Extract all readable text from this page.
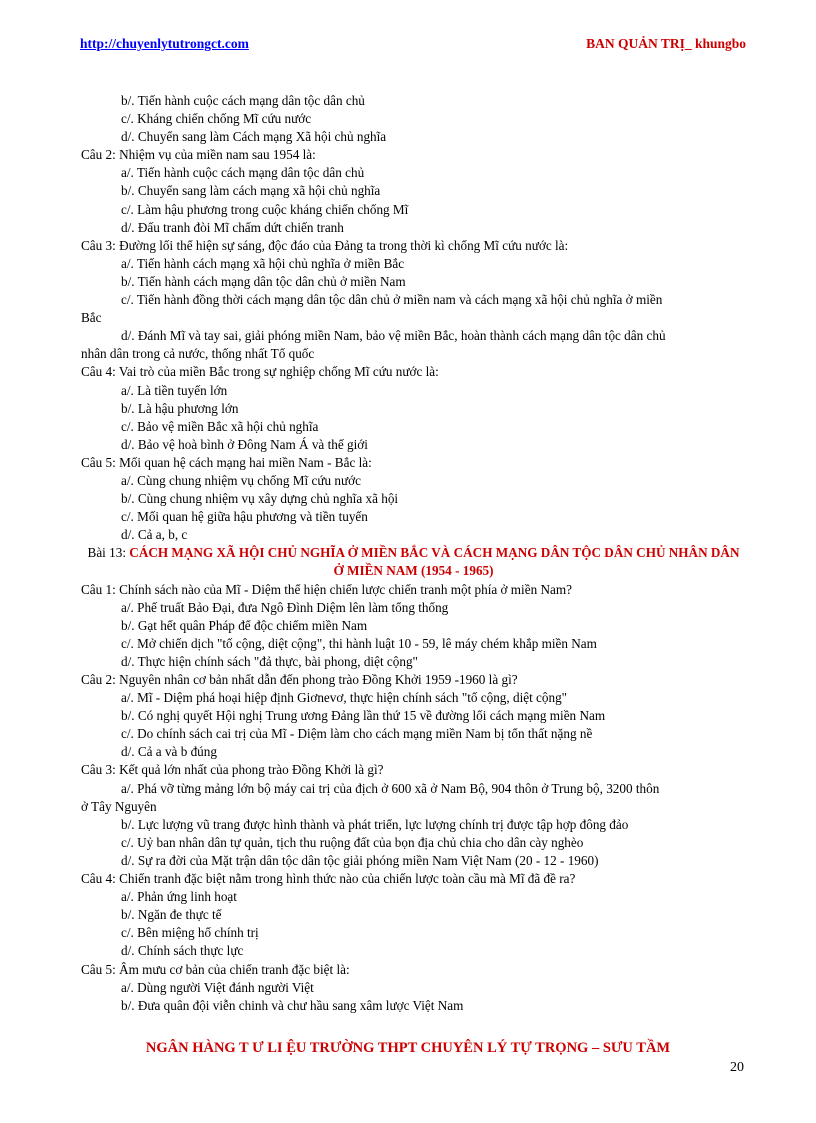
http://chuyenlytutrongct.com	BAN QUẢN TRỊ_ khungbo

b/. Tiến hành cuộc cách mạng dân tộc dân chủ

c/. Kháng chiến chống Mĩ cứu nước

d/. Chuyển sang làm Cách mạng Xã hội chủ nghĩa

Câu 2: Nhiệm vụ của miền nam sau 1954 là:

a/. Tiến hành cuộc cách mạng dân tộc dân chủ

b/. Chuyển sang làm cách mạng xã hội chủ nghĩa

c/. Làm hậu phương trong cuộc kháng chiến chống Mĩ

d/. Đấu tranh đòi Mĩ chấm dứt chiến tranh

Câu 3: Đường lối thể hiện sự sáng, độc đáo của Đảng ta trong thời kì chống Mĩ cứu nước là:

a/. Tiến hành cách mạng xã hội chủ nghĩa ở miền Bắc

b/. Tiến hành cách mạng dân tộc dân chủ ở miền Nam

c/. Tiến hành đồng thời cách mạng dân tộc dân chủ ở miền nam và cách mạng xã hội chủ nghĩa ở miền

Bắc

d/. Đánh Mĩ và tay sai, giải phóng miền Nam, bảo vệ miền Bắc, hoàn thành cách mạng dân tộc dân chủ

nhân dân trong cả nước, thống nhất Tổ quốc

Câu 4: Vai trò của miền Bắc trong sự nghiệp chống Mĩ cứu nước là:

a/. Là tiền tuyến lớn

b/. Là hậu phương lớn

c/. Bảo vệ miền Bắc xã hội chủ nghĩa

d/. Bảo vệ hoà bình ở Đông Nam Á và thế giới

Câu 5: Mối quan hệ cách mạng hai miền Nam - Bắc là:

a/. Cùng chung nhiệm vụ chống Mĩ cứu nước

b/. Cùng chung nhiệm vụ xây dựng chủ nghĩa xã hội

c/. Mối quan hệ giữa hậu phương và tiền tuyến

d/. Cả a, b, c

Bài 13: CÁCH MẠNG XÃ HỘI CHỦ NGHĨA Ở MIỀN BẮC VÀ CÁCH MẠNG DÂN TỘC DÂN CHỦ NHÂN DÂN Ở MIỀN NAM (1954 - 1965)

Câu 1: Chính sách nào của Mĩ - Diệm thể hiện chiến lược chiến tranh một phía ở miền Nam?

a/. Phế truất Bảo Đại, đưa Ngô Đình Diệm lên làm tổng thống

b/. Gạt hết quân Pháp để độc chiếm miền Nam

c/. Mở chiến dịch "tố cộng, diệt cộng", thi hành luật 10 - 59, lê máy chém khắp miền Nam

d/. Thực hiện chính sách "đả thực, bài phong, diệt cộng"

Câu 2: Nguyên nhân cơ bản nhất dẫn đến phong trào Đồng Khởi 1959 -1960 là gì?

a/. Mĩ - Diệm phá hoại hiệp định Giơnevơ, thực hiện chính sách "tố cộng, diệt cộng"

b/. Có nghị quyết Hội nghị Trung ương Đảng lần thứ 15 về đường lối cách mạng miền Nam

c/. Do chính sách cai trị của Mĩ - Diệm làm cho cách mạng miền Nam bị tổn thất nặng nề

d/. Cả a và b đúng

Câu 3: Kết quả lớn nhất của phong trào Đồng Khởi là gì?

a/. Phá vỡ từng mảng lớn bộ máy cai trị của địch ở 600 xã ở Nam Bộ, 904 thôn ở Trung bộ, 3200 thôn

ở Tây Nguyên

b/. Lực lượng vũ trang được hình thành và phát triển, lực lượng chính trị được tập hợp đông đảo

c/. Uỷ ban nhân dân tự quản, tịch thu ruộng đất của bọn địa chủ chia cho dân cày nghèo

d/. Sự ra đời của Mặt trận dân tộc dân tộc giải phóng miền Nam Việt Nam (20 - 12 - 1960)

Câu 4: Chiến tranh đặc biệt nằm trong hình thức nào của chiến lược toàn cầu mà Mĩ đã đề ra?

a/. Phản ứng linh hoạt

b/. Ngăn đe thực tế

c/. Bên miệng hố chính trị

d/. Chính sách thực lực

Câu 5: Âm mưu cơ bản của chiến tranh đặc biệt là:

a/. Dùng người Việt đánh người Việt

b/. Đưa quân đội viễn chinh và chư hầu sang xâm lược Việt Nam

NGÂN HÀNG T Ư LI ỆU TRƯỜNG THPT CHUYÊN LÝ TỰ TRỌNG – SƯU TẦM
20
